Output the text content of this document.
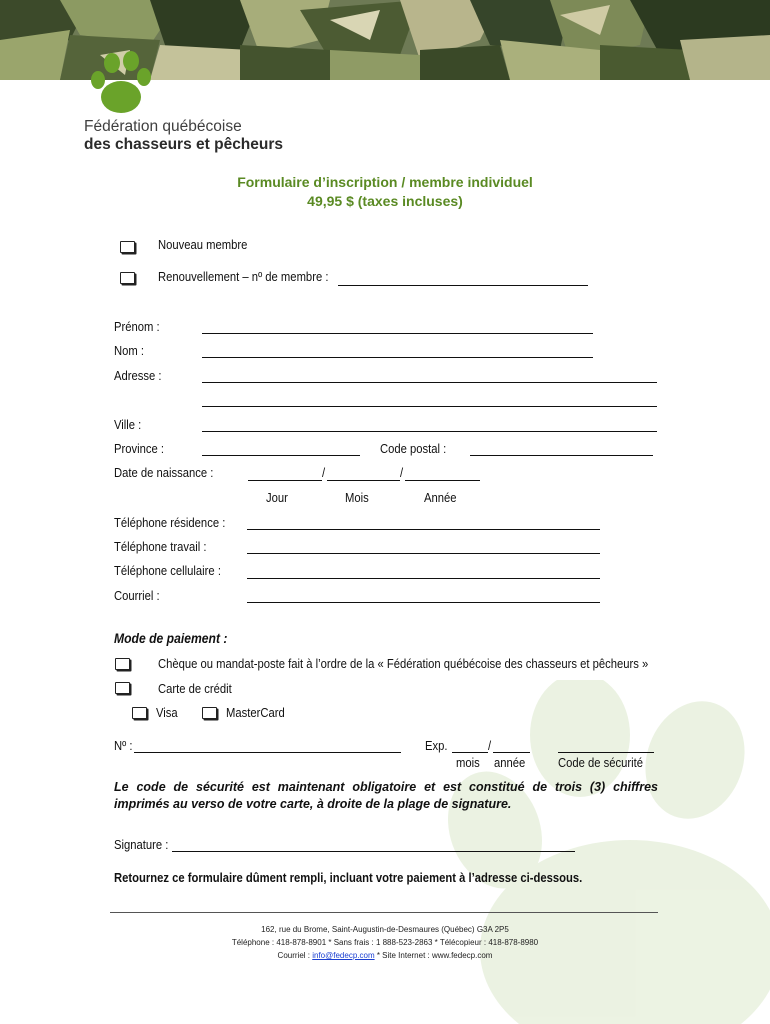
Fédération québécoise
des chasseurs et pêcheurs
Formulaire d’inscription / membre individuel
49,95 $ (taxes incluses)
Nouveau membre
Renouvellement – nº de membre :
Prénom :
Nom :
Adresse :
Ville :
Province :	Code postal :
Date de naissance :	/	/
Jour	Mois	Année
Téléphone résidence :
Téléphone travail :
Téléphone cellulaire :
Courriel :
Mode de paiement :
Chèque ou mandat-poste fait à l’ordre de la « Fédération québécoise des chasseurs et pêcheurs »
Carte de crédit
Visa	MasterCard
Nº :	Exp.	/
mois année	Code de sécurité
Le code de sécurité est maintenant obligatoire et est constitué de trois (3) chiffres imprimés au verso de votre carte, à droite de la plage de signature.
Signature :
Retournez ce formulaire dûment rempli, incluant votre paiement à l’adresse ci-dessous.
162, rue du Brome, Saint-Augustin-de-Desmaures (Québec) G3A 2P5
Téléphone : 418-878-8901 * Sans frais : 1 888-523-2863 * Télécopieur : 418-878-8980
Courriel : info@fedecp.com * Site Internet : www.fedecp.com
